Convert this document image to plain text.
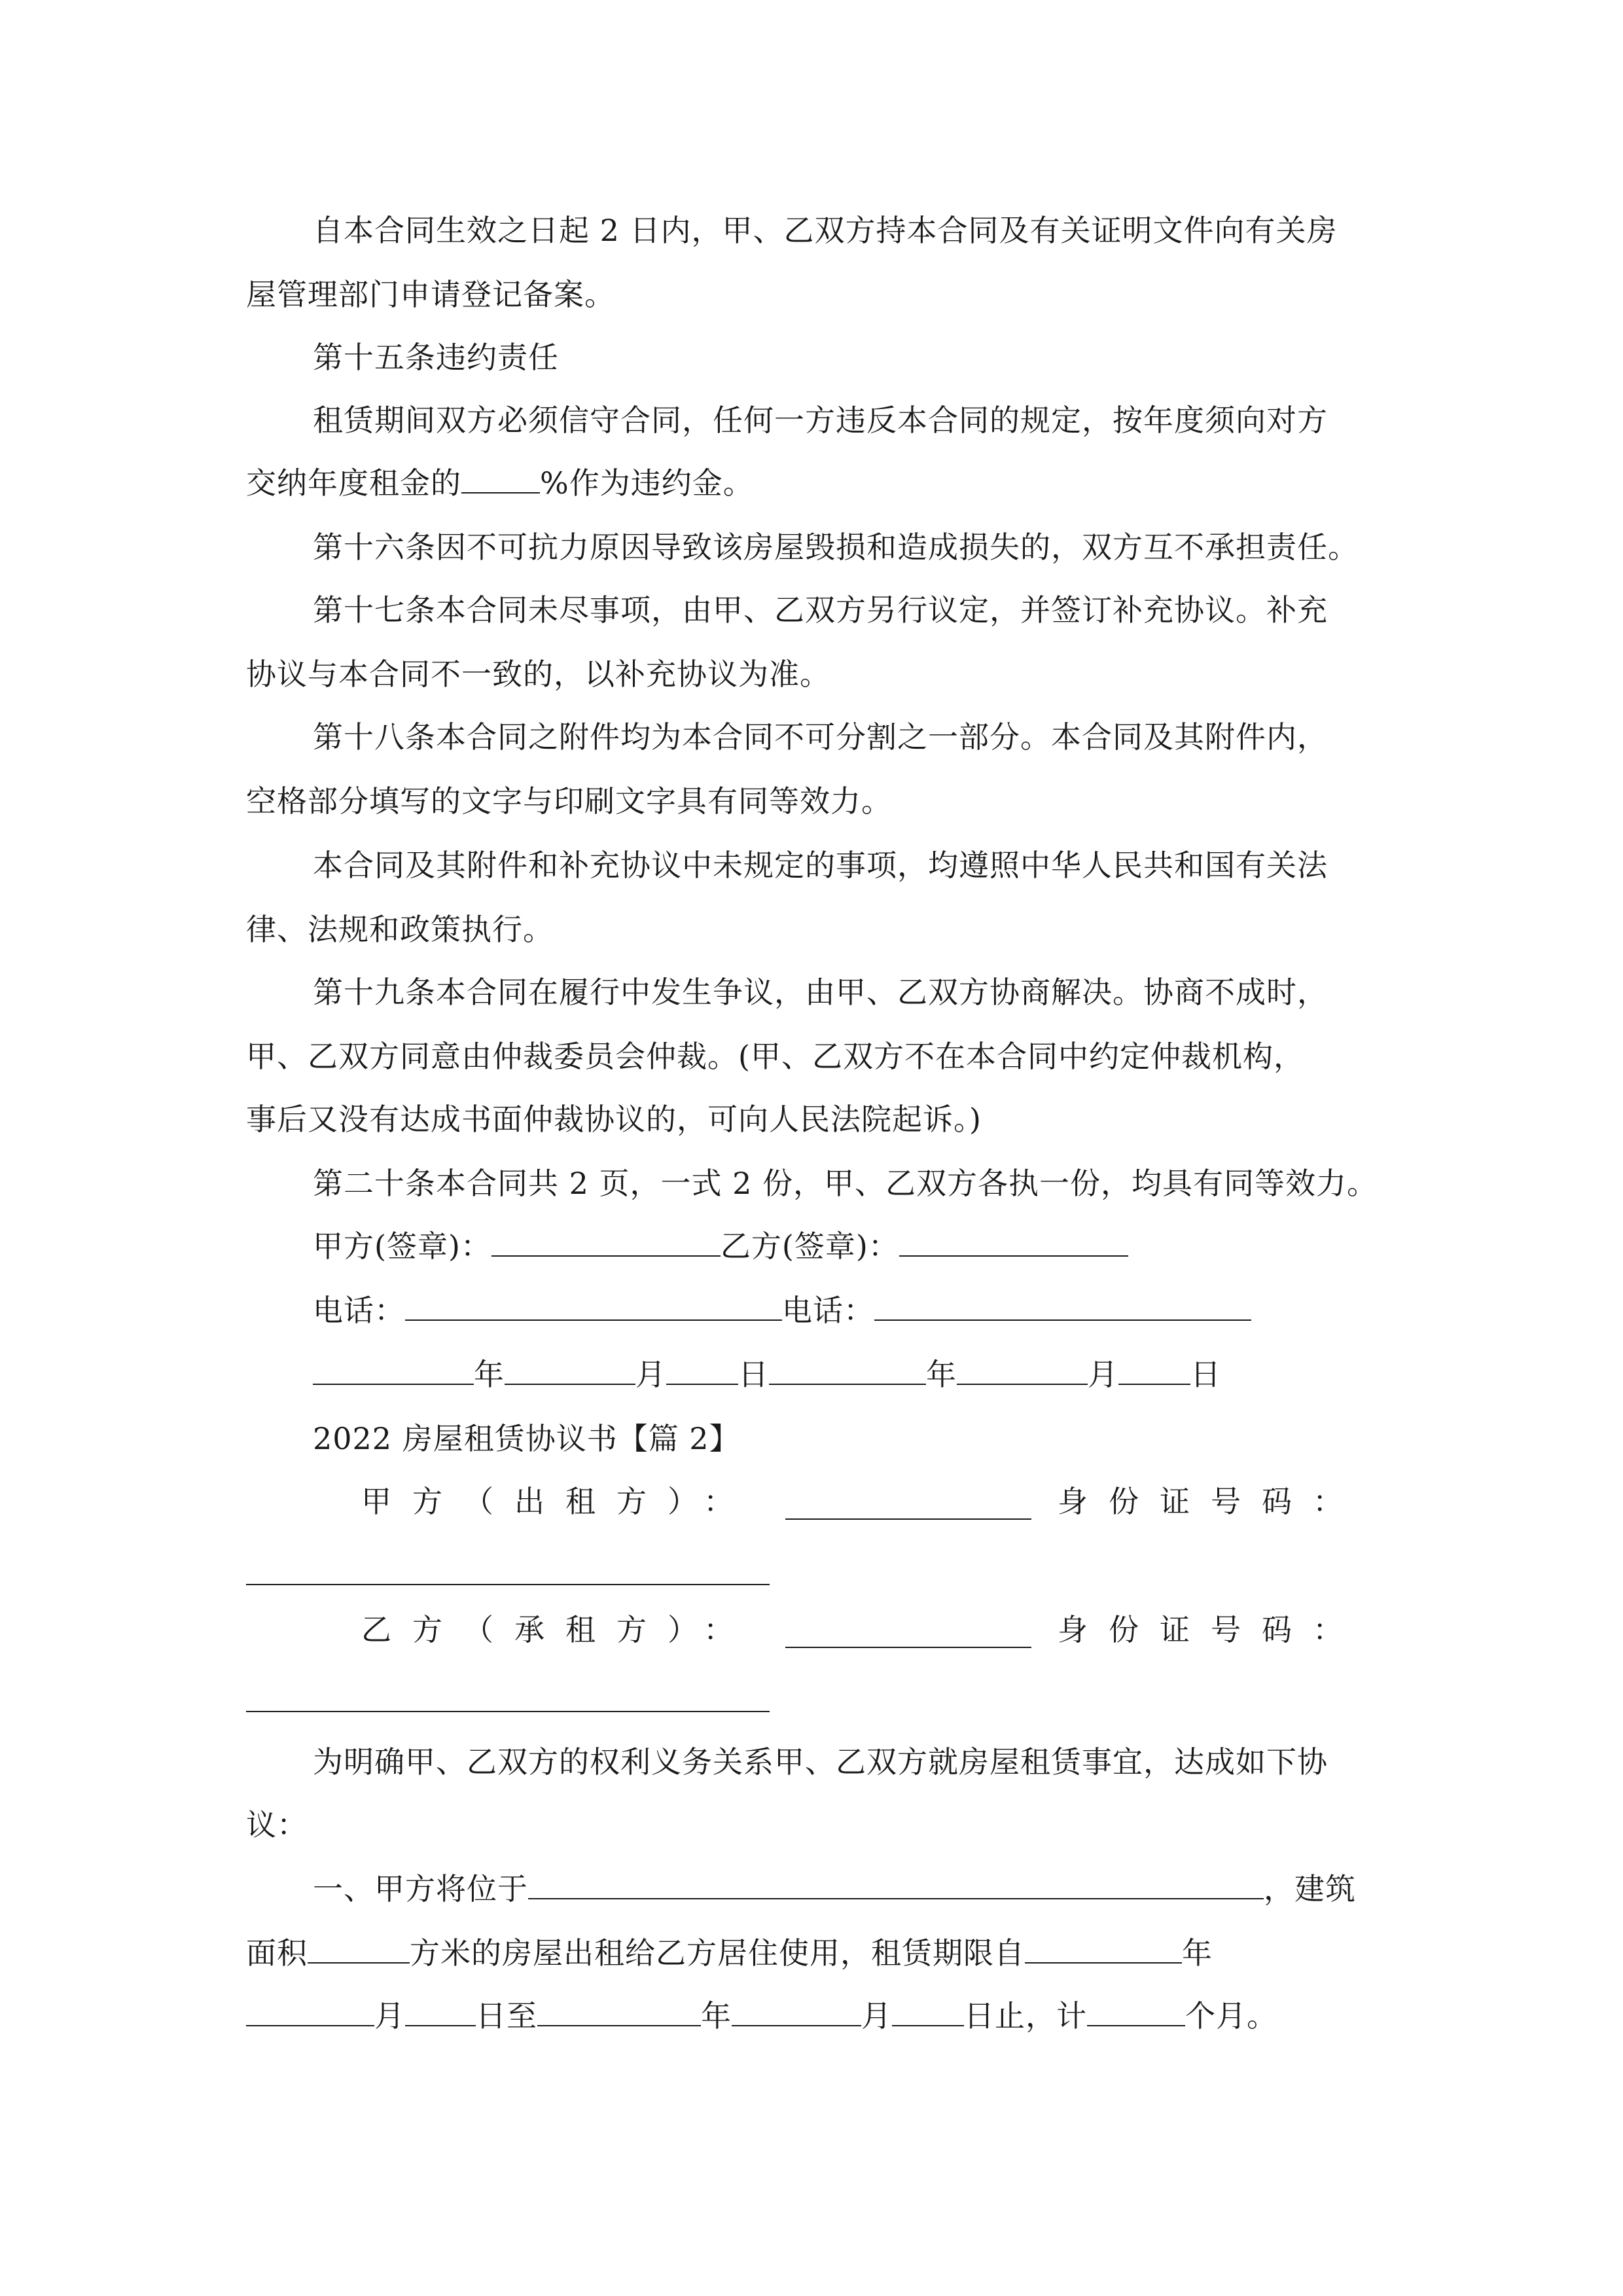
自本合同生效之日起 2 日内，甲、乙双方持本合同及有关证明文件向有关房
屋管理部门申请登记备案。
第十五条违约责任
租赁期间双方必须信守合同，任何一方违反本合同的规定，按年度须向对方
交纳年度租金的	%作为违约金。
第十六条因不可抗力原因导致该房屋毁损和造成损失的，双方互不承担责任。
第十七条本合同未尽事项，由甲、乙双方另行议定，并签订补充协议。补充
协议与本合同不一致的，以补充协议为准。
第十八条本合同之附件均为本合同不可分割之一部分。本合同及其附件内，
空格部分填写的文字与印刷文字具有同等效力。
本合同及其附件和补充协议中未规定的事项，均遵照中华人民共和国有关法
律、法规和政策执行。
第十九条本合同在履行中发生争议，由甲、乙双方协商解决。协商不成时，
甲、乙双方同意由仲裁委员会仲裁。(甲、乙双方不在本合同中约定仲裁机构，
事后又没有达成书面仲裁协议的，可向人民法院起诉。)
第二十条本合同共 2 页，一式 2 份，甲、乙双方各执一份，均具有同等效力。
甲方(签章)：	乙方(签章)：
电话：	电话：
年	月 日	年	月 日
2022 房屋租赁协议书【篇 2】
甲方（出租方）：	身份证号码：
乙方（承租方）：	身份证号码：
为明确甲、乙双方的权利义务关系甲、乙双方就房屋租赁事宜，达成如下协
议：
一、甲方将位于	，建筑
面积	方米的房屋出租给乙方居住使用，租赁期限自	年
月 日至	年	月 日止，计	个月。
